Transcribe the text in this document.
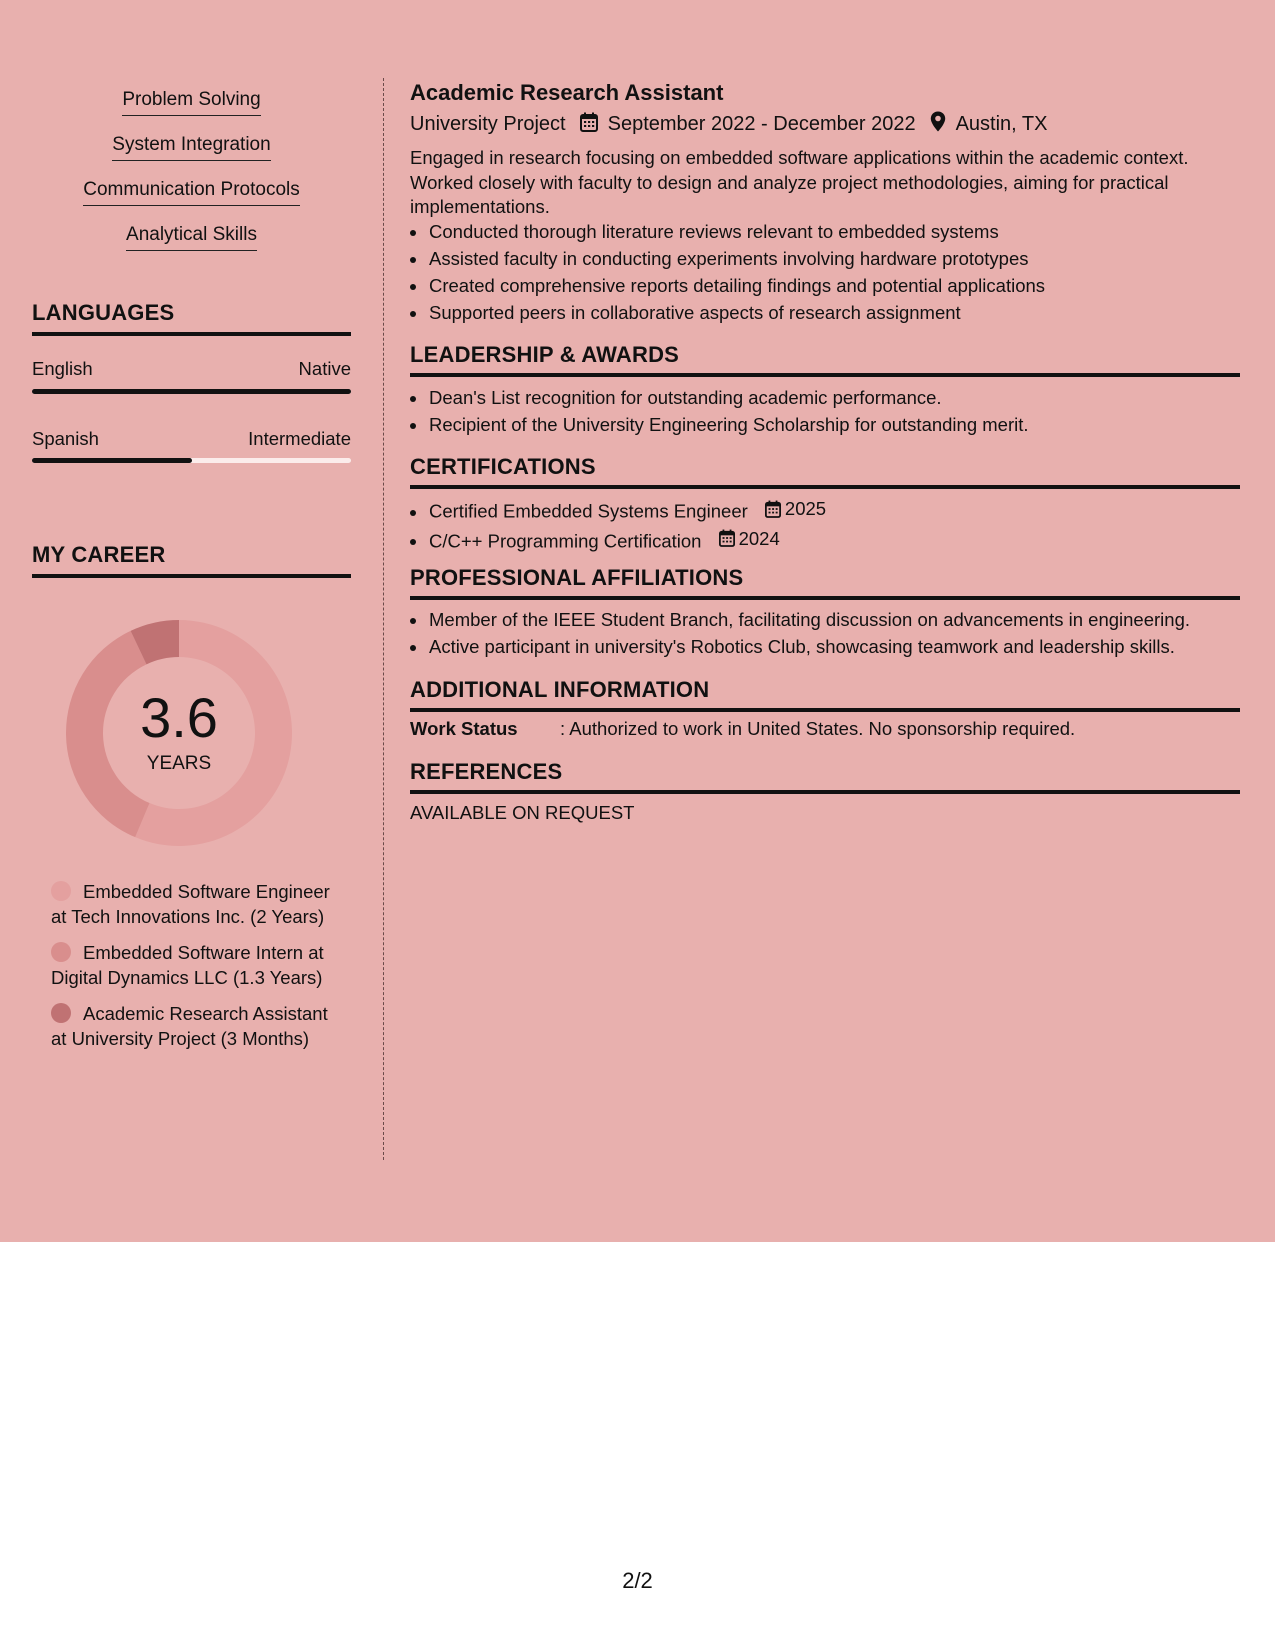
Problem Solving
System Integration
Communication Protocols
Analytical Skills
LANGUAGES
English	Native
Spanish	Intermediate
MY CAREER
3.6
YEARS
Embedded Software Engineer at Tech Innovations Inc. (2 Years)
Embedded Software Intern at Digital Dynamics LLC (1.3 Years)
Academic Research Assistant at University Project (3 Months)
Academic Research Assistant
University Project September 2022 - December 2022 Austin, TX
Engaged in research focusing on embedded software applications within the academic context. Worked closely with faculty to design and analyze project methodologies, aiming for practical implementations.
• Conducted thorough literature reviews relevant to embedded systems
• Assisted faculty in conducting experiments involving hardware prototypes
• Created comprehensive reports detailing findings and potential applications
• Supported peers in collaborative aspects of research assignment
LEADERSHIP & AWARDS
• Dean's List recognition for outstanding academic performance.
• Recipient of the University Engineering Scholarship for outstanding merit.
CERTIFICATIONS
• Certified Embedded Systems Engineer 2025
• C/C++ Programming Certification 2024
PROFESSIONAL AFFILIATIONS
• Member of the IEEE Student Branch, facilitating discussion on advancements in engineering.
• Active participant in university's Robotics Club, showcasing teamwork and leadership skills.
ADDITIONAL INFORMATION
Work Status : Authorized to work in United States. No sponsorship required.
REFERENCES
AVAILABLE ON REQUEST
2/2
